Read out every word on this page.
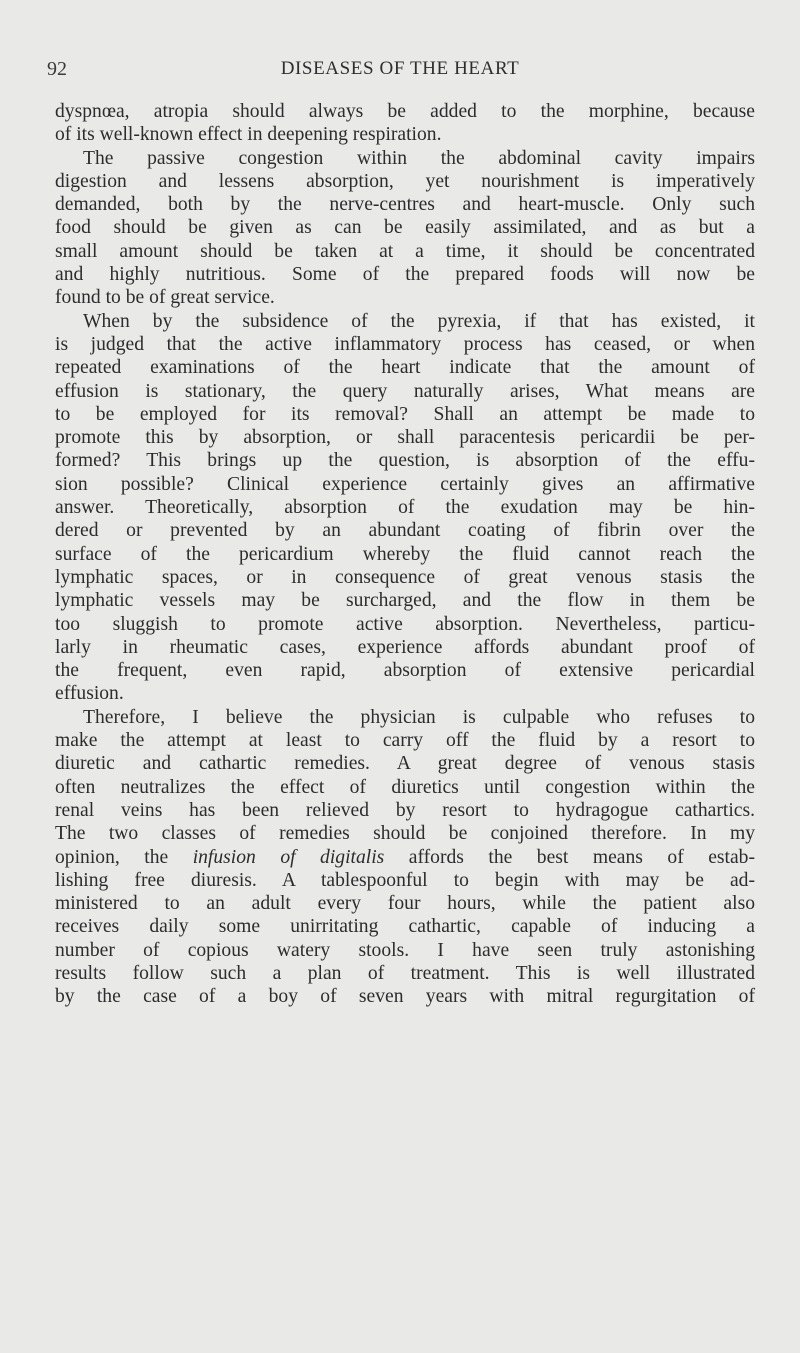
92	DISEASES OF THE HEART
dyspnœa, atropia should always be added to the morphine, because
of its well-known effect in deepening respiration.
The passive congestion within the abdominal cavity impairs
digestion and lessens absorption, yet nourishment is imperatively
demanded, both by the nerve-centres and heart-muscle. Only such
food should be given as can be easily assimilated, and as but a
small amount should be taken at a time, it should be concentrated
and highly nutritious. Some of the prepared foods will now be
found to be of great service.
When by the subsidence of the pyrexia, if that has existed, it
is judged that the active inflammatory process has ceased, or when
repeated examinations of the heart indicate that the amount of
effusion is stationary, the query naturally arises, What means are
to be employed for its removal? Shall an attempt be made to
promote this by absorption, or shall paracentesis pericardii be per-
formed? This brings up the question, is absorption of the effu-
sion possible? Clinical experience certainly gives an affirmative
answer. Theoretically, absorption of the exudation may be hin-
dered or prevented by an abundant coating of fibrin over the
surface of the pericardium whereby the fluid cannot reach the
lymphatic spaces, or in consequence of great venous stasis the
lymphatic vessels may be surcharged, and the flow in them be
too sluggish to promote active absorption. Nevertheless, particu-
larly in rheumatic cases, experience affords abundant proof of
the frequent, even rapid, absorption of extensive pericardial
effusion.
Therefore, I believe the physician is culpable who refuses to
make the attempt at least to carry off the fluid by a resort to
diuretic and cathartic remedies. A great degree of venous stasis
often neutralizes the effect of diuretics until congestion within the
renal veins has been relieved by resort to hydragogue cathartics.
The two classes of remedies should be conjoined therefore. In my
opinion, the infusion of digitalis affords the best means of estab-
lishing free diuresis. A tablespoonful to begin with may be ad-
ministered to an adult every four hours, while the patient also
receives daily some unirritating cathartic, capable of inducing a
number of copious watery stools. I have seen truly astonishing
results follow such a plan of treatment. This is well illustrated
by the case of a boy of seven years with mitral regurgitation of
